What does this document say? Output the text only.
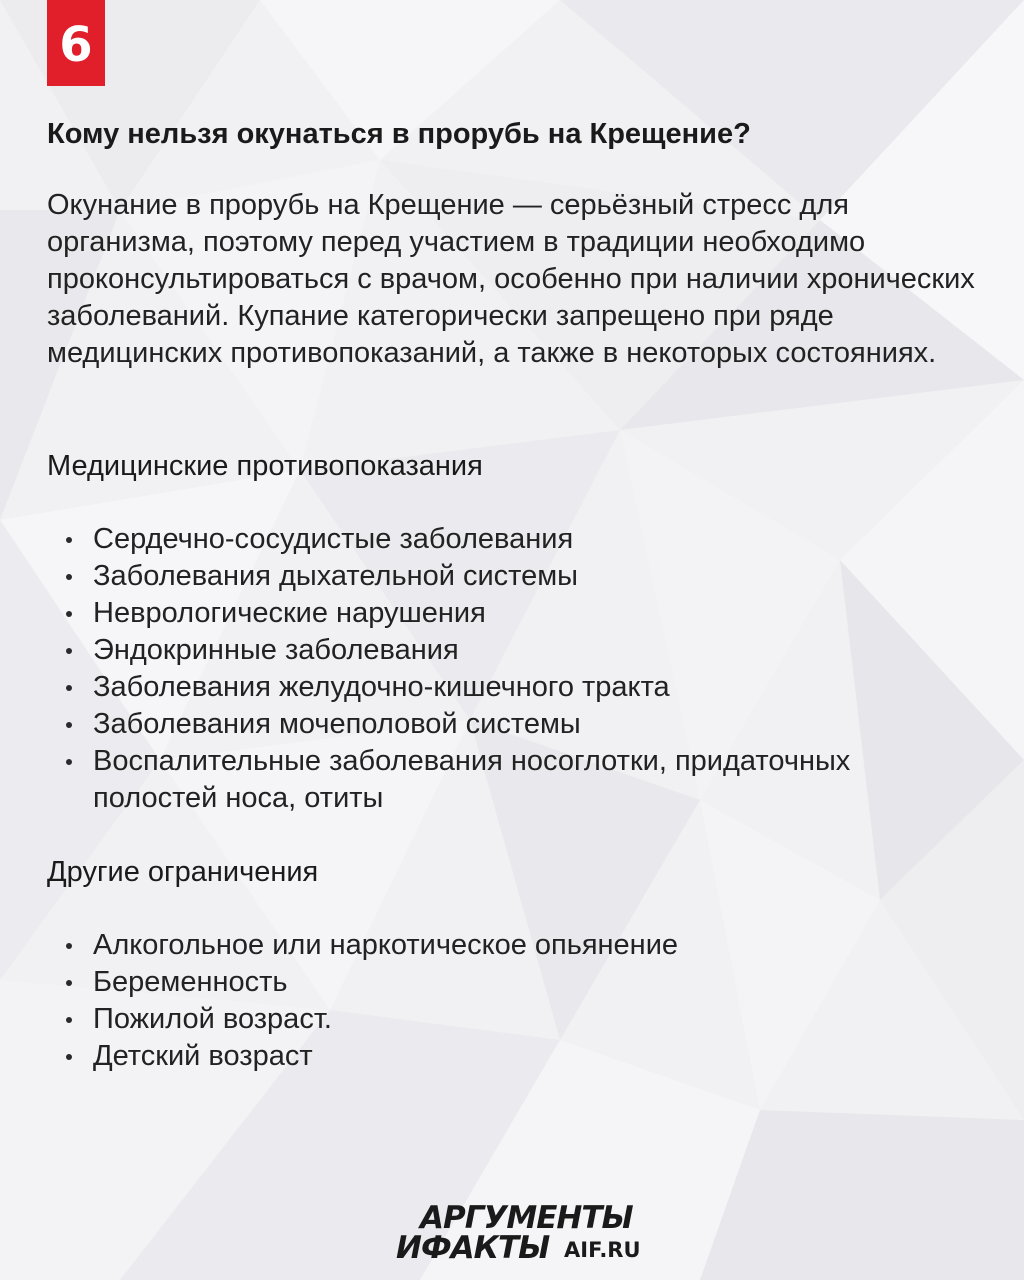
6
Кому нельзя окунаться в прорубь на Крещение?

Окунание в прорубь на Крещение — серьёзный стресс для организма, поэтому перед участием в традиции необходимо проконсультироваться с врачом, особенно при наличии хронических заболеваний. Купание категорически запрещено при ряде медицинских противопоказаний, а также в некоторых состояниях.

Медицинские противопоказания
Сердечно-сосудистые заболевания
Заболевания дыхательной системы
Неврологические нарушения
Эндокринные заболевания
Заболевания желудочно-кишечного тракта
Заболевания мочеполовой системы
Воспалительные заболевания носоглотки, придаточных полостей носа, отиты
Другие ограничения
Алкогольное или наркотическое опьянение
Беременность
Пожилой возраст.
Детский возраст
АРГУМЕНТЫ
ИФАКТЫ AIF.RU
